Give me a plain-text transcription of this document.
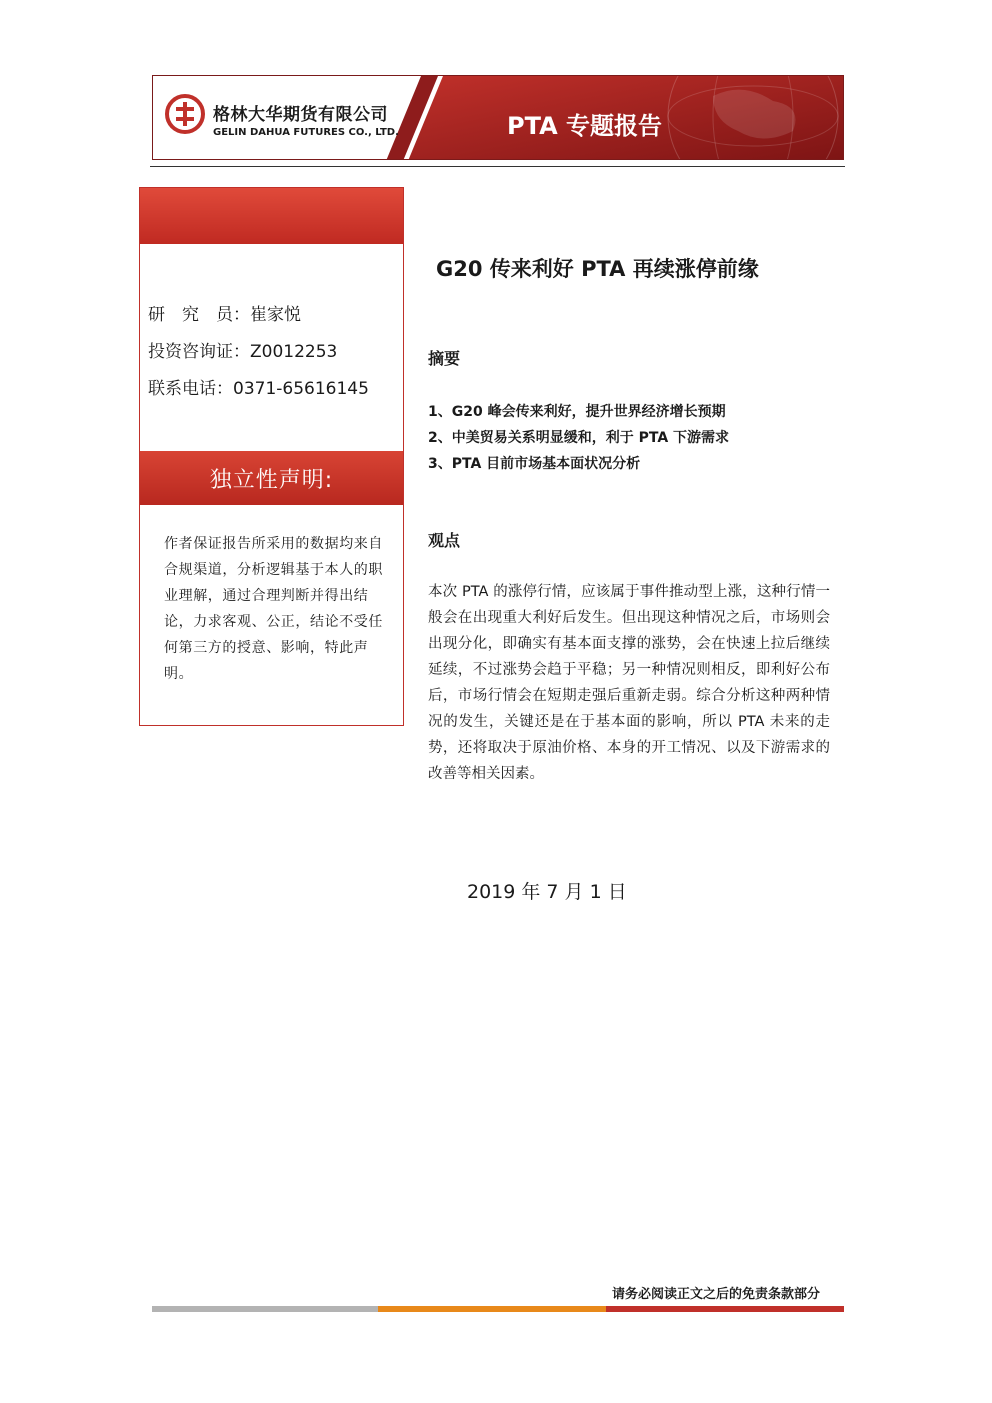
格林大华期货有限公司
GELIN DAHUA FUTURES CO., LTD.	PTA 专题报告
研　究　员：崔家悦
投资咨询证：Z0012253
联系电话：0371-65616145
独立性声明:
作者保证报告所采用的数据均来自合规渠道，分析逻辑基于本人的职业理解，通过合理判断并得出结论，力求客观、公正，结论不受任何第三方的授意、影响，特此声明。
G20 传来利好 PTA 再续涨停前缘
摘要
1、G20 峰会传来利好，提升世界经济增长预期
2、中美贸易关系明显缓和，利于 PTA 下游需求
3、PTA 目前市场基本面状况分析
观点
本次 PTA 的涨停行情，应该属于事件推动型上涨，这种行情一般会在出现重大利好后发生。但出现这种情况之后，市场则会出现分化，即确实有基本面支撑的涨势，会在快速上拉后继续延续，不过涨势会趋于平稳；另一种情况则相反，即利好公布后，市场行情会在短期走强后重新走弱。综合分析这种两种情况的发生，关键还是在于基本面的影响，所以 PTA 未来的走势，还将取决于原油价格、本身的开工情况、以及下游需求的改善等相关因素。
2019 年 7 月 1 日
请务必阅读正文之后的免责条款部分
